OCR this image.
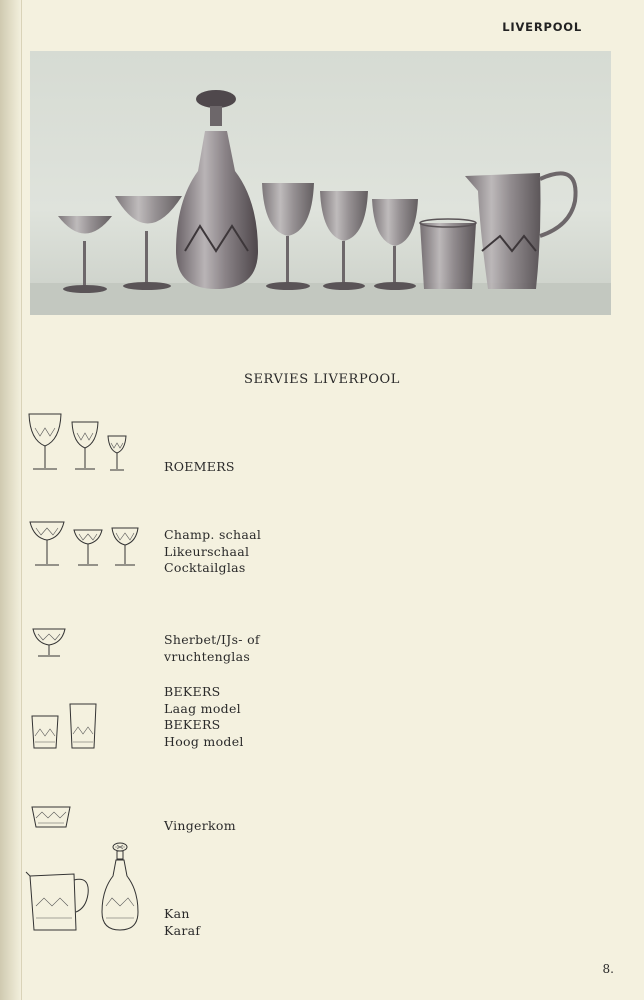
LIVERPOOL
SERVIES LIVERPOOL
ROEMERS
Champ. schaal
Likeurschaal
Cocktailglas
Sherbet/IJs- of
vruchtenglas
BEKERS
Laag model
BEKERS
Hoog model
Vingerkom
Kan
Karaf
8.
